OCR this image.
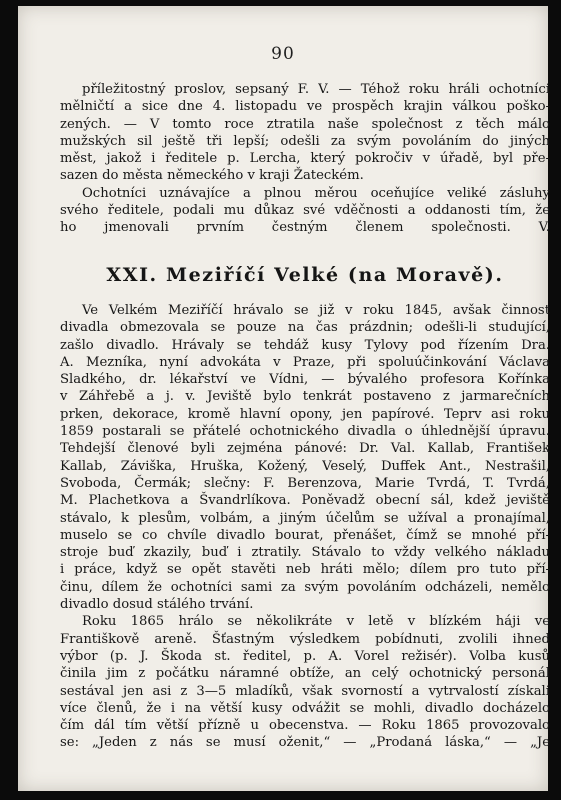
90

příležitostný proslov, sepsaný F. V. — Téhož roku hráli ochotníci

mělničtí a sice dne 4. listopadu ve prospěch krajin válkou poško-

zených. — V tomto roce ztratila naše společnost z těch málo

mužských sil ještě tři lepší; odešli za svým povoláním do jiných

měst, jakož i ředitele p. Lercha, který pokročiv v úřadě, byl pře-

sazen do města německého v kraji Žateckém.

Ochotníci uznávajíce a plnou měrou oceňujíce veliké zásluhy

svého ředitele, podali mu důkaz své vděčnosti a oddanosti tím, že

ho jmenovali prvním čestným členem společnosti. V.

XXI. Meziříčí Velké (na Moravě).

Ve Velkém Meziříčí hrávalo se již v roku 1845, avšak činnost

divadla obmezovala se pouze na čas prázdnin; odešli-li studující,

zašlo divadlo. Hrávaly se tehdáž kusy Tylovy pod řízením Dra.

A. Mezníka, nyní advokáta v Praze, při spoluúčinkování Václava

Sladkého, dr. lékařství ve Vídni, — bývalého profesora Kořínka

v Záhřebě a j. v. Jeviště bylo tenkrát postaveno z jarmarečních

prken, dekorace, kromě hlavní opony, jen papírové. Teprv asi roku

1859 postarali se přátelé ochotnického divadla o úhlednější úpravu.

Tehdejší členové byli zejména pánové: Dr. Val. Kallab, František

Kallab, Záviška, Hruška, Kožený, Veselý, Duffek Ant., Nestrašil,

Svoboda, Čermák; slečny: F. Berenzova, Marie Tvrdá, T. Tvrdá,

M. Plachetkova a Švandrlíkova. Poněvadž obecní sál, kdež jeviště

stávalo, k plesům, volbám, a jiným účelům se užíval a pronajímal,

muselo se co chvíle divadlo bourat, přenášet, čímž se mnohé pří-

stroje buď zkazily, buď i ztratily. Stávalo to vždy velkého nákladu

i práce, když se opět stavěti neb hráti mělo; dílem pro tuto pří-

činu, dílem že ochotníci sami za svým povoláním odcházeli, nemělo

divadlo dosud stálého trvání.

Roku 1865 hrálo se několikráte v letě v blízkém háji ve

Františkově areně. Šťastným výsledkem pobídnuti, zvolili ihned

výbor (p. J. Škoda st. ředitel, p. A. Vorel režisér). Volba kusů

činila jim z počátku náramné obtíže, an celý ochotnický personál

sestával jen asi z 3—5 mladíků, však svorností a vytrvalostí získali

více členů, že i na větší kusy odvážit se mohli, divadlo docházelo

čím dál tím větší přízně u obecenstva. — Roku 1865 provozovalo

se: „Jeden z nás se musí oženit,“ — „Prodaná láska,“ — „Je
